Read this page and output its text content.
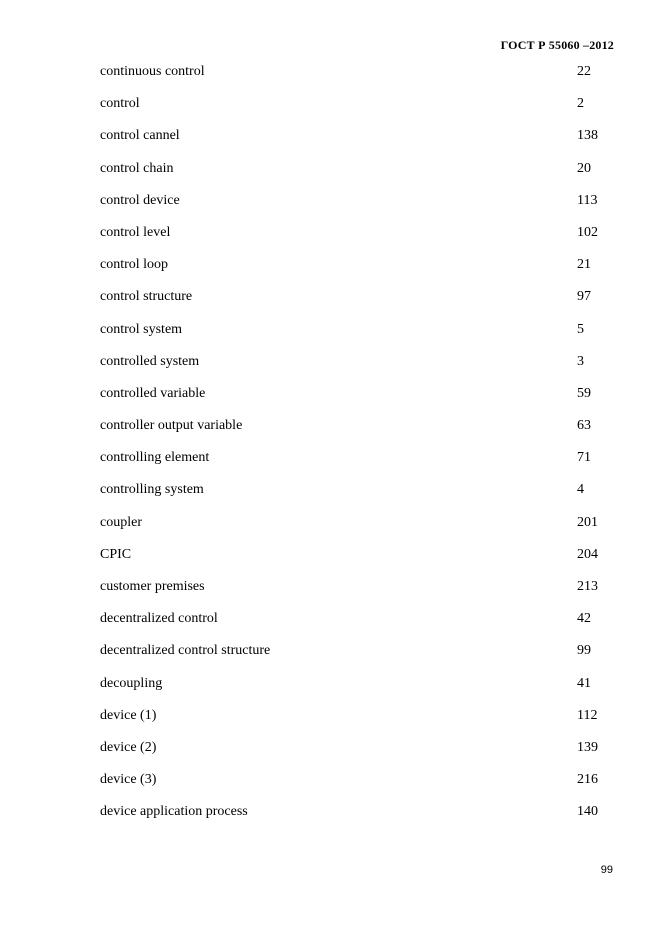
ГОСТ Р 55060 –2012
continuous control	22
control	2
control cannel	138
control chain	20
control device	113
control level	102
control loop	21
control structure	97
control system	5
controlled system	3
controlled variable	59
controller output variable	63
controlling element	71
controlling system	4
coupler	201
CPIC	204
customer premises	213
decentralized control	42
decentralized control structure	99
decoupling	41
device (1)	112
device (2)	139
device (3)	216
device application process	140
99
